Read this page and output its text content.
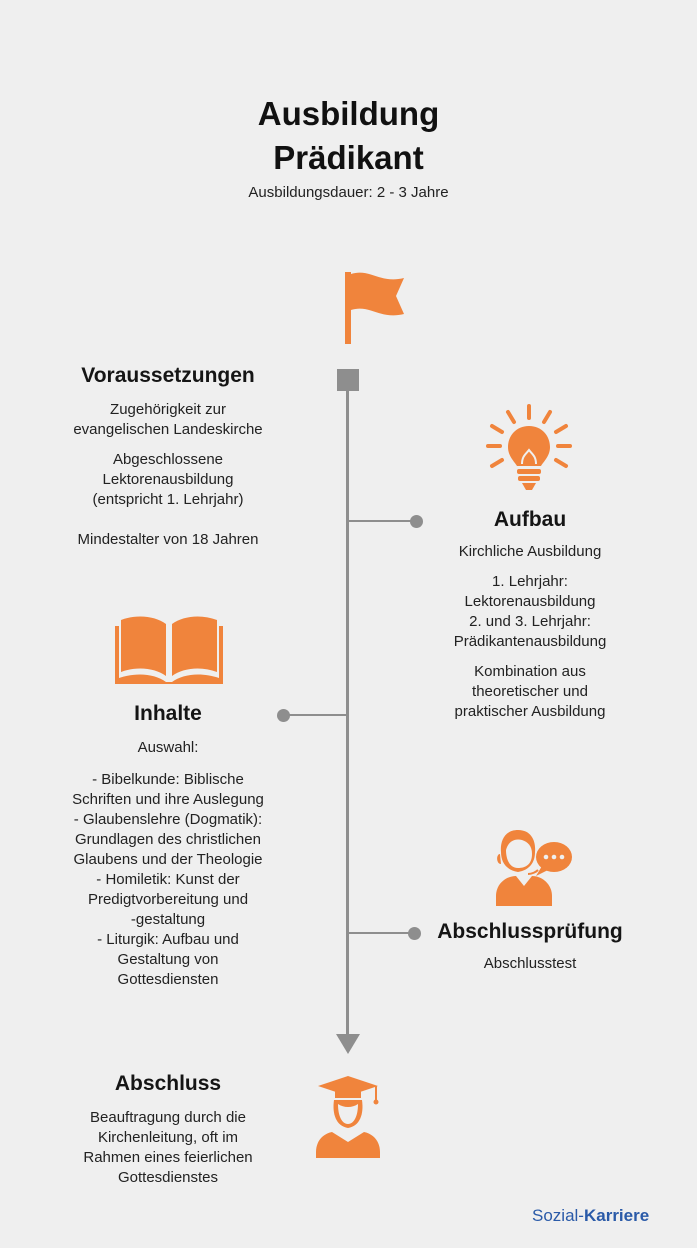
Ausbildung
Prädikant
Ausbildungsdauer: 2 - 3 Jahre
Voraussetzungen
Zugehörigkeit zur
evangelischen Landeskirche
Abgeschlossene
Lektorenausbildung
(entspricht 1. Lehrjahr)
Mindestalter von 18 Jahren
Aufbau
Kirchliche Ausbildung
1. Lehrjahr:
Lektorenausbildung
2. und 3. Lehrjahr:
Prädikantenausbildung
Kombination aus
theoretischer und
praktischer Ausbildung
Inhalte
Auswahl:
- Bibelkunde: Biblische
Schriften und ihre Auslegung
- Glaubenslehre (Dogmatik):
Grundlagen des christlichen
Glaubens und der Theologie
- Homiletik: Kunst der
Predigtvorbereitung und
-gestaltung
- Liturgik: Aufbau und
Gestaltung von
Gottesdiensten
Abschlussprüfung
Abschlusstest
Abschluss
Beauftragung durch die
Kirchenleitung, oft im
Rahmen eines feierlichen
Gottesdienstes
Sozial-Karriere
